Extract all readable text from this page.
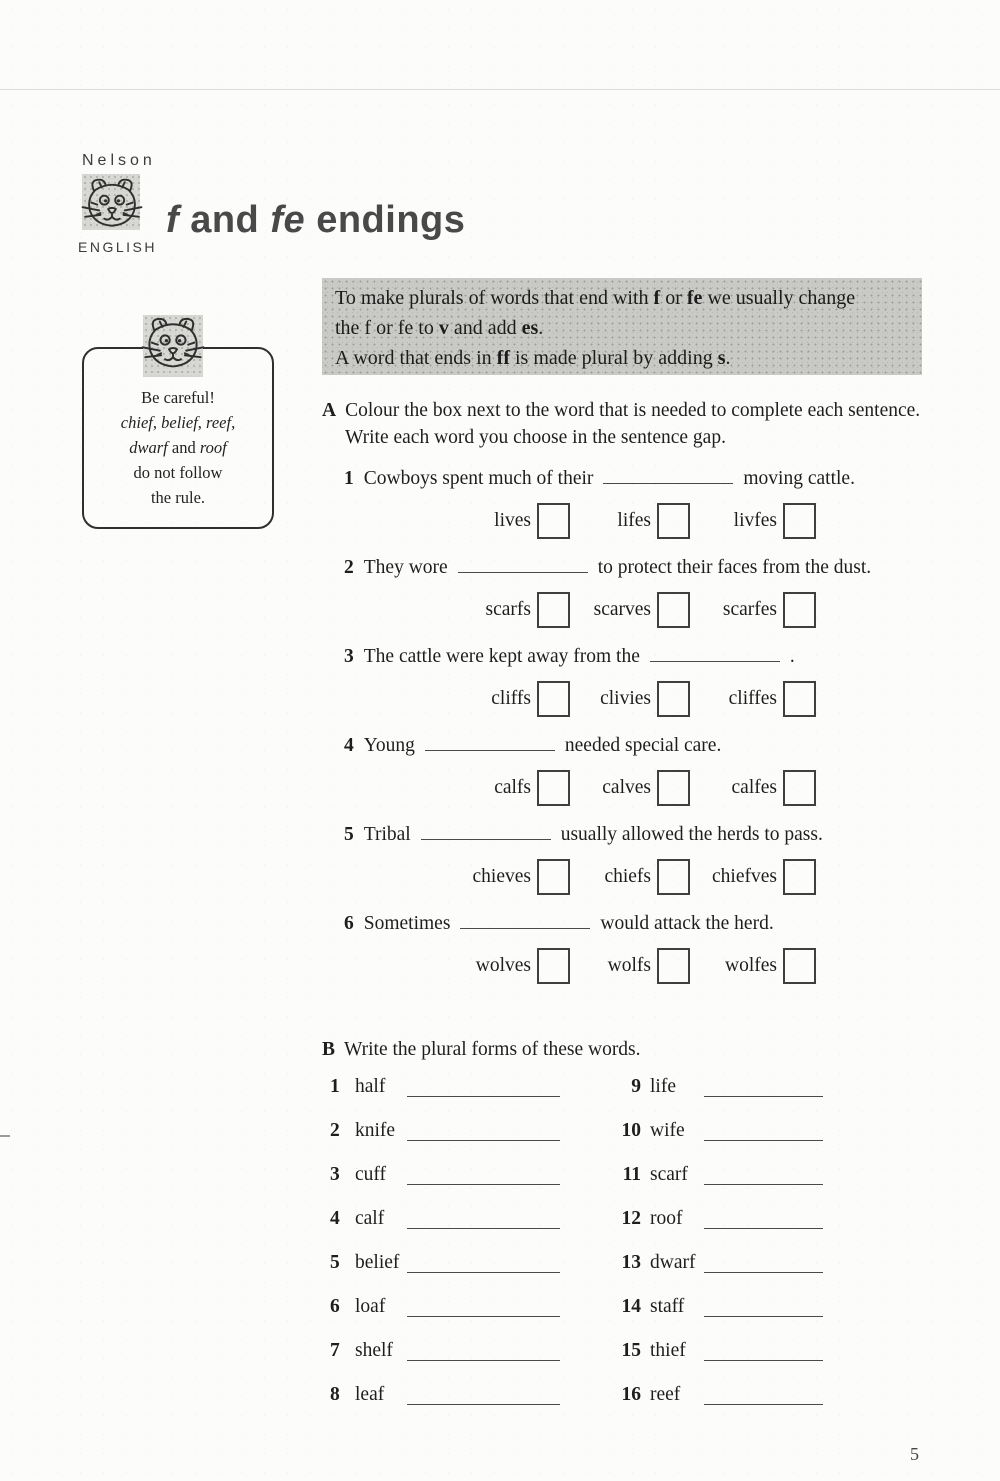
Nelson
ENGLISH
f and fe endings
To make plurals of words that end with f or fe we usually change
the f or fe to v and add es.
A word that ends in ff is made plural by adding s.
Be careful!
chief, belief, reef,
dwarf and roof
do not follow
the rule.
A Colour the box next to the word that is needed to complete each sentence. Write each word you choose in the sentence gap.
1 Cowboys spent much of their	moving cattle.
lives	lifes	livfes
2 They wore	to protect their faces from the dust.
scarfs	scarves	scarfes
3 The cattle were kept away from the	.
cliffs	clivies	cliffes
4 Young	needed special care.
calfs	calves	calfes
5 Tribal	usually allowed the herds to pass.
chieves	chiefs	chiefves
6 Sometimes	would attack the herd.
wolves	wolfs	wolfes
B Write the plural forms of these words.
1 half
2 knife
3 cuff
4 calf
5 belief
6 loaf
7 shelf
8 leaf
9 life
10 wife
11 scarf
12 roof
13 dwarf
14 staff
15 thief
16 reef
5
